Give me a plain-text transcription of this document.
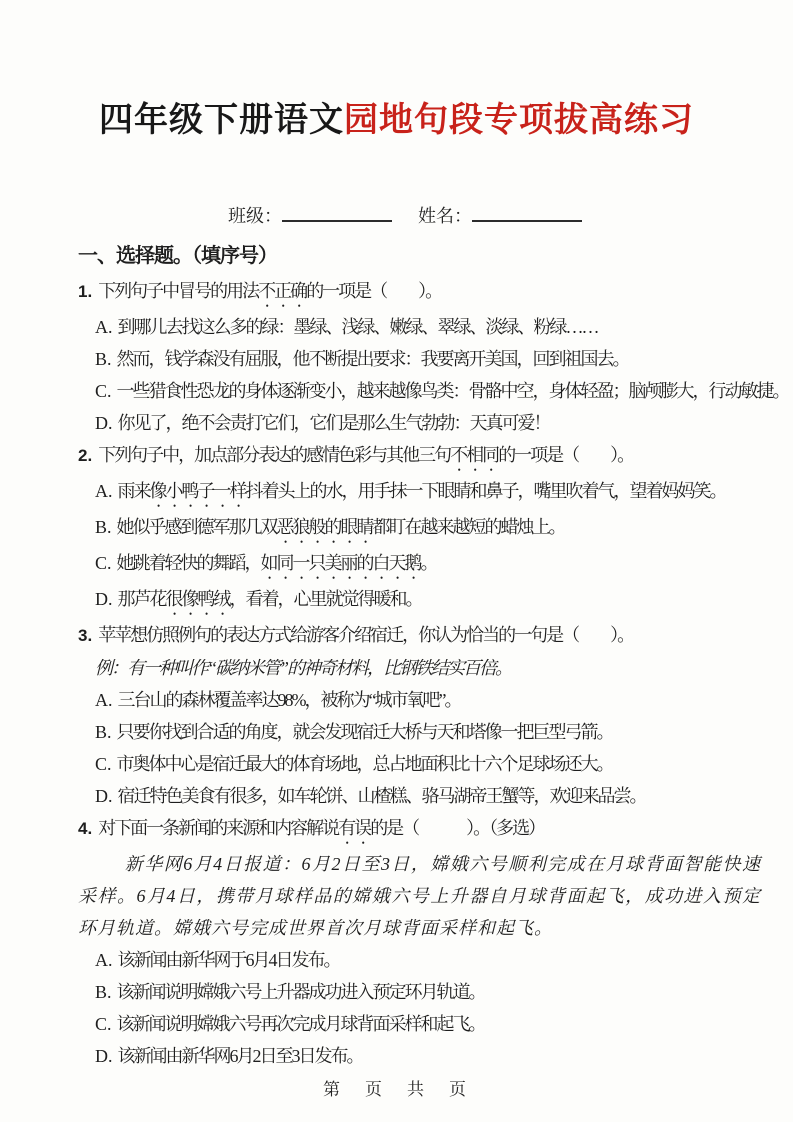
四年级下册语文园地句段专项拔高练习
班级：	姓名：
一、选择题。（填序号）
1. 下列句子中冒号的用法不正确的一项是（　　）。
A. 到哪儿去找这么多的绿：墨绿、浅绿、嫩绿、翠绿、淡绿、粉绿……
B. 然而，钱学森没有屈服，他不断提出要求：我要离开美国，回到祖国去。
C. 一些猎食性恐龙的身体逐渐变小，越来越像鸟类：骨骼中空，身体轻盈；脑颅膨大，行动敏捷。
D. 你见了，绝不会责打它们，它们是那么生气勃勃：天真可爱！
2. 下列句子中，加点部分表达的感情色彩与其他三句不相同的一项是（　　）。
A. 雨来像小鸭子一样抖着头上的水，用手抹一下眼睛和鼻子，嘴里吹着气，望着妈妈笑。
B. 她似乎感到德军那几双恶狼般的眼睛都盯在越来越短的蜡烛上。
C. 她跳着轻快的舞蹈，如同一只美丽的白天鹅。
D. 那芦花很像鸭绒，看着，心里就觉得暖和。
3. 苹苹想仿照例句的表达方式给游客介绍宿迁，你认为恰当的一句是（　　）。
例：有一种叫作“碳纳米管”的神奇材料，比钢铁结实百倍。
A. 三台山的森林覆盖率达98%，被称为“城市氧吧”。
B. 只要你找到合适的角度，就会发现宿迁大桥与天和塔像一把巨型弓箭。
C. 市奥体中心是宿迁最大的体育场地，总占地面积比十六个足球场还大。
D. 宿迁特色美食有很多，如车轮饼、山楂糕、骆马湖帝王蟹等，欢迎来品尝。
4. 对下面一条新闻的来源和内容解说有误的是（　　　）。（多选）
新华网6月4日报道：6月2日至3日，嫦娥六号顺利完成在月球背面智能快速采样。6月4日，携带月球样品的嫦娥六号上升器自月球背面起飞，成功进入预定环月轨道。嫦娥六号完成世界首次月球背面采样和起飞。
A. 该新闻由新华网于6月4日发布。
B. 该新闻说明嫦娥六号上升器成功进入预定环月轨道。
C. 该新闻说明嫦娥六号再次完成月球背面采样和起飞。
D. 该新闻由新华网6月2日至3日发布。
第　页　共　页
